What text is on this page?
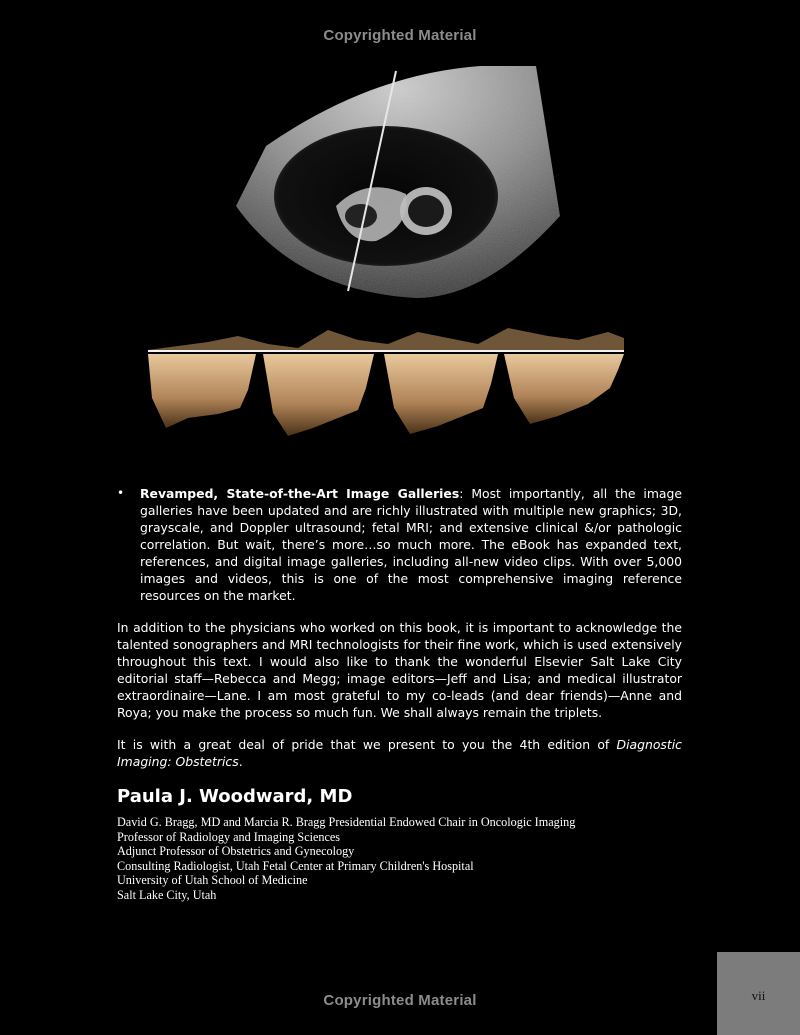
Copyrighted Material
•	Revamped, State-of-the-Art Image Galleries: Most importantly, all the image galleries have been updated and are richly illustrated with multiple new graphics; 3D, grayscale, and Doppler ultrasound; fetal MRI; and extensive clinical &/or pathologic correlation. But wait, there’s more…so much more. The eBook has expanded text, references, and digital image galleries, including all-new video clips. With over 5,000 images and videos, this is one of the most comprehensive imaging reference resources on the market.

In addition to the physicians who worked on this book, it is important to acknowledge the talented sonographers and MRI technologists for their fine work, which is used extensively throughout this text. I would also like to thank the wonderful Elsevier Salt Lake City editorial staff—Rebecca and Megg; image editors—Jeff and Lisa; and medical illustrator extraordinaire—Lane. I am most grateful to my co-leads (and dear friends)—Anne and Roya; you make the process so much fun. We shall always remain the triplets.

It is with a great deal of pride that we present to you the 4th edition of Diagnostic Imaging: Obstetrics.

Paula J. Woodward, MD
David G. Bragg, MD and Marcia R. Bragg Presidential Endowed Chair in Oncologic Imaging
Professor of Radiology and Imaging Sciences
Adjunct Professor of Obstetrics and Gynecology
Consulting Radiologist, Utah Fetal Center at Primary Children's Hospital
University of Utah School of Medicine
Salt Lake City, Utah
Copyrighted Material	vii
